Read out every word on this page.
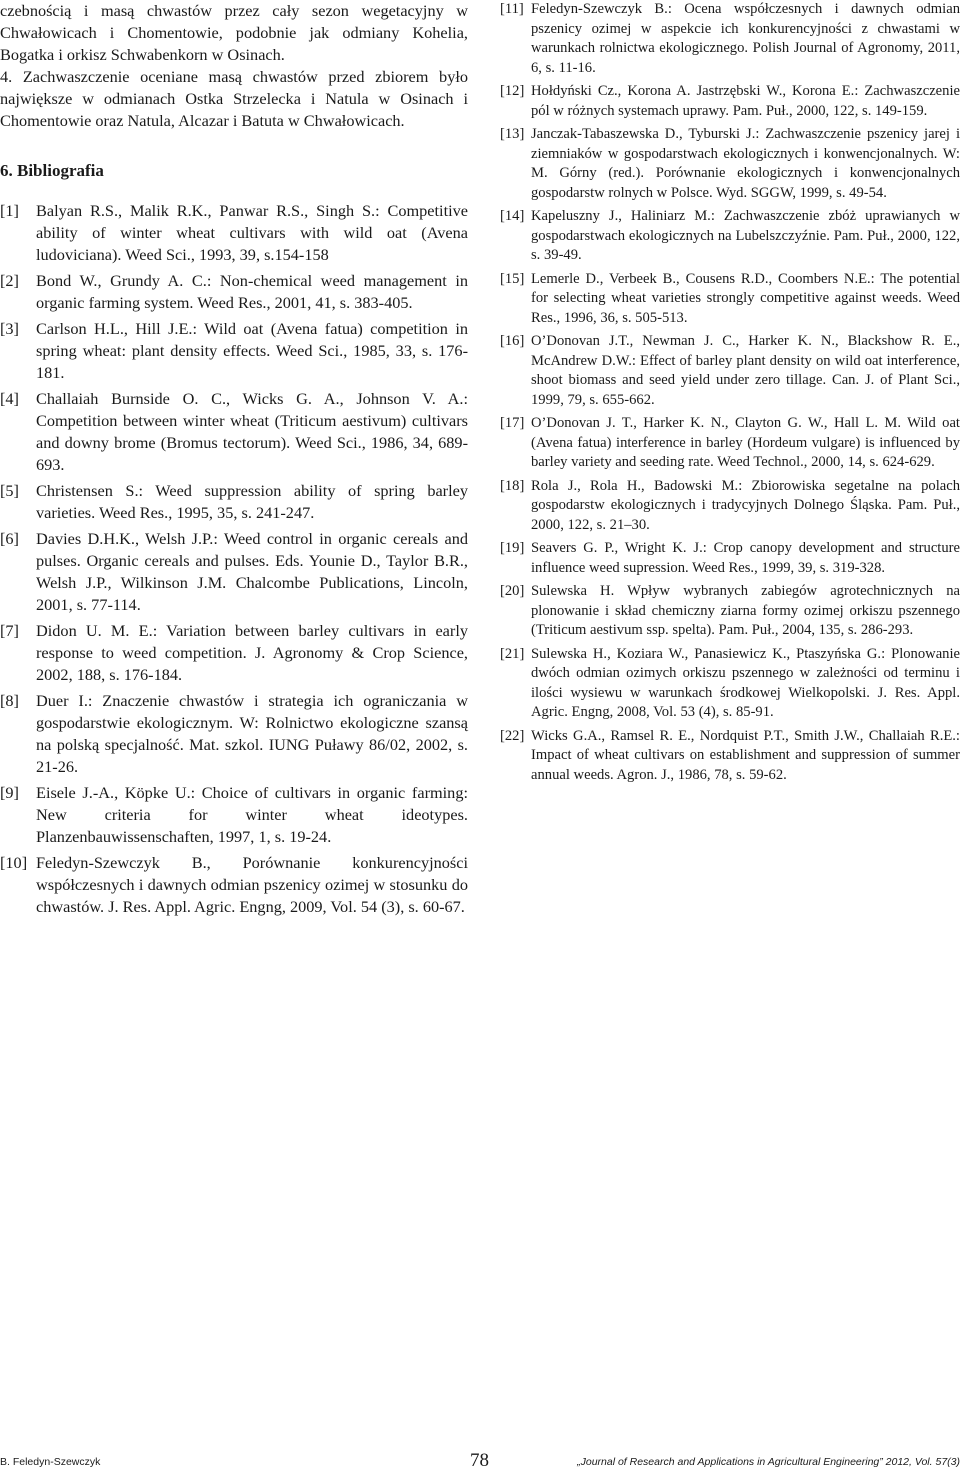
czebnością i masą chwastów przez cały sezon wegetacyjny w Chwałowicach i Chomentowie, podobnie jak odmiany Kohelia, Bogatka i orkisz Schwabenkorn w Osinach.

4. Zachwaszczenie oceniane masą chwastów przed zbiorem było największe w odmianach Ostka Strzelecka i Natula w Osinach i Chomentowie oraz Natula, Alcazar i Batuta w Chwałowicach.

6. Bibliografia
[1] Balyan R.S., Malik R.K., Panwar R.S., Singh S.: Competitive ability of winter wheat cultivars with wild oat (Avena ludoviciana). Weed Sci., 1993, 39, s.154-158
[2] Bond W., Grundy A. C.: Non-chemical weed management in organic farming system. Weed Res., 2001, 41, s. 383-405.
[3] Carlson H.L., Hill J.E.: Wild oat (Avena fatua) competition in spring wheat: plant density effects. Weed Sci., 1985, 33, s. 176-181.
[4] Challaiah Burnside O. C., Wicks G. A., Johnson V. A.: Competition between winter wheat (Triticum aestivum) cultivars and downy brome (Bromus tectorum). Weed Sci., 1986, 34, 689-693.
[5] Christensen S.: Weed suppression ability of spring barley varieties. Weed Res., 1995, 35, s. 241-247.
[6] Davies D.H.K., Welsh J.P.: Weed control in organic cereals and pulses. Organic cereals and pulses. Eds. Younie D., Taylor B.R., Welsh J.P., Wilkinson J.M. Chalcombe Publications, Lincoln, 2001, s. 77-114.
[7] Didon U. M. E.: Variation between barley cultivars in early response to weed competition. J. Agronomy & Crop Science, 2002, 188, s. 176-184.
[8] Duer I.: Znaczenie chwastów i strategia ich ograniczania w gospodarstwie ekologicznym. W: Rolnictwo ekologiczne szansą na polską specjalność. Mat. szkol. IUNG Puławy 86/02, 2002, s. 21-26.
[9] Eisele J.-A., Köpke U.: Choice of cultivars in organic farming: New criteria for winter wheat ideotypes. Planzenbauwissenschaften, 1997, 1, s. 19-24.
[10] Feledyn-Szewczyk B., Porównanie konkurencyjności współczesnych i dawnych odmian pszenicy ozimej w stosunku do chwastów. J. Res. Appl. Agric. Engng, 2009, Vol. 54 (3), s. 60-67.
[11] Feledyn-Szewczyk B.: Ocena współczesnych i dawnych odmian pszenicy ozimej w aspekcie ich konkurencyjności z chwastami w warunkach rolnictwa ekologicznego. Polish Journal of Agronomy, 2011, 6, s. 11-16.
[12] Hołdyński Cz., Korona A. Jastrzębski W., Korona E.: Zachwaszczenie pól w różnych systemach uprawy. Pam. Puł., 2000, 122, s. 149-159.
[13] Janczak-Tabaszewska D., Tyburski J.: Zachwaszczenie pszenicy jarej i ziemniaków w gospodarstwach ekologicznych i konwencjonalnych. W: M. Górny (red.). Porównanie ekologicznych i konwencjonalnych gospodarstw rolnych w Polsce. Wyd. SGGW, 1999, s. 49-54.
[14] Kapeluszny J., Haliniarz M.: Zachwaszczenie zbóż uprawianych w gospodarstwach ekologicznych na Lubelszczyźnie. Pam. Puł., 2000, 122, s. 39-49.
[15] Lemerle D., Verbeek B., Cousens R.D., Coombers N.E.: The potential for selecting wheat varieties strongly competitive against weeds. Weed Res., 1996, 36, s. 505-513.
[16] O’Donovan J.T., Newman J. C., Harker K. N., Blackshow R. E., McAndrew D.W.: Effect of barley plant density on wild oat interference, shoot biomass and seed yield under zero tillage. Can. J. of Plant Sci., 1999, 79, s. 655-662.
[17] O’Donovan J. T., Harker K. N., Clayton G. W., Hall L. M. Wild oat (Avena fatua) interference in barley (Hordeum vulgare) is influenced by barley variety and seeding rate. Weed Technol., 2000, 14, s. 624-629.
[18] Rola J., Rola H., Badowski M.: Zbiorowiska segetalne na polach gospodarstw ekologicznych i tradycyjnych Dolnego Śląska. Pam. Puł., 2000, 122, s. 21–30.
[19] Seavers G. P., Wright K. J.: Crop canopy development and structure influence weed supression. Weed Res., 1999, 39, s. 319-328.
[20] Sulewska H. Wpływ wybranych zabiegów agrotechnicznych na plonowanie i skład chemiczny ziarna formy ozimej orkiszu pszennego (Triticum aestivum ssp. spelta). Pam. Puł., 2004, 135, s. 286-293.
[21] Sulewska H., Koziara W., Panasiewicz K., Ptaszyńska G.: Plonowanie dwóch odmian ozimych orkiszu pszennego w zależności od terminu i ilości wysiewu w warunkach środkowej Wielkopolski. J. Res. Appl. Agric. Engng, 2008, Vol. 53 (4), s. 85-91.
[22] Wicks G.A., Ramsel R. E., Nordquist P.T., Smith J.W., Challaiah R.E.: Impact of wheat cultivars on establishment and suppression of summer annual weeds. Agron. J., 1986, 78, s. 59-62.
B. Feledyn-Szewczyk	78	„Journal of Research and Applications in Agricultural Engineering” 2012, Vol. 57(3)
